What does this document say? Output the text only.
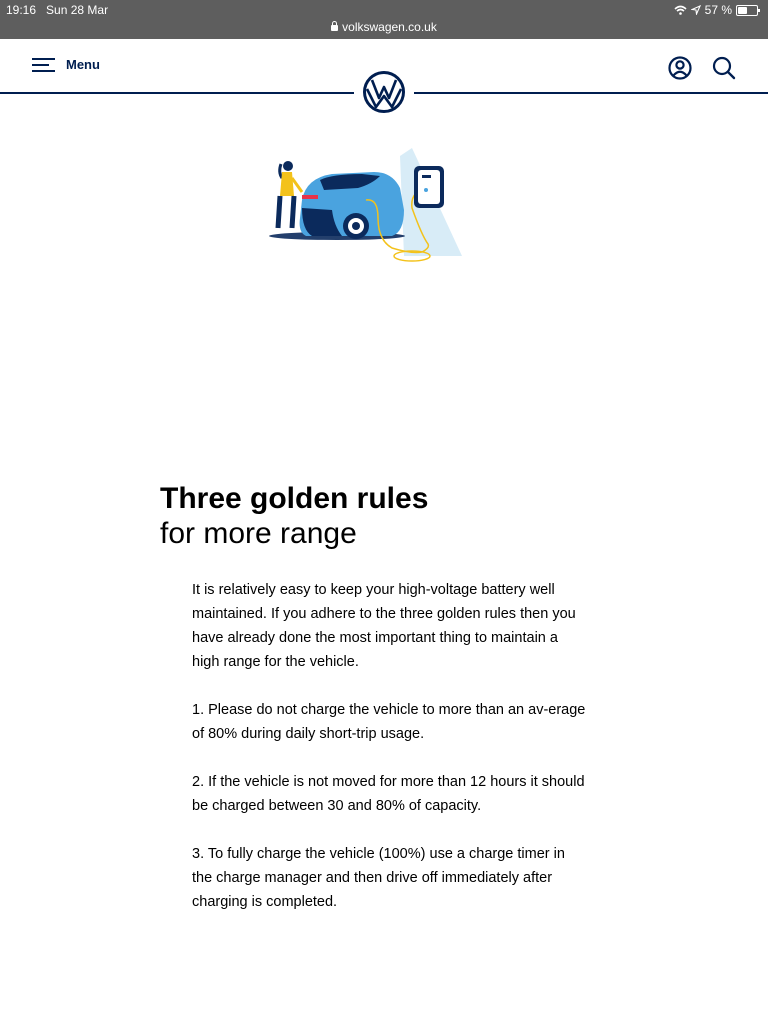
19:16 Sun 28 Mar
volkswagen.co.uk
57 %
Menu
Three golden rules
for more range

It is relatively easy to keep your high-voltage battery well maintained. If you adhere to the three golden rules then you have already done the most important thing to maintain a high range for the vehicle.

1. Please do not charge the vehicle to more than an av-erage of 80% during daily short-trip usage.

2. If the vehicle is not moved for more than 12 hours it should be charged between 30 and 80% of capacity.

3. To fully charge the vehicle (100%) use a charge timer in the charge manager and then drive off immediately after charging is completed.
